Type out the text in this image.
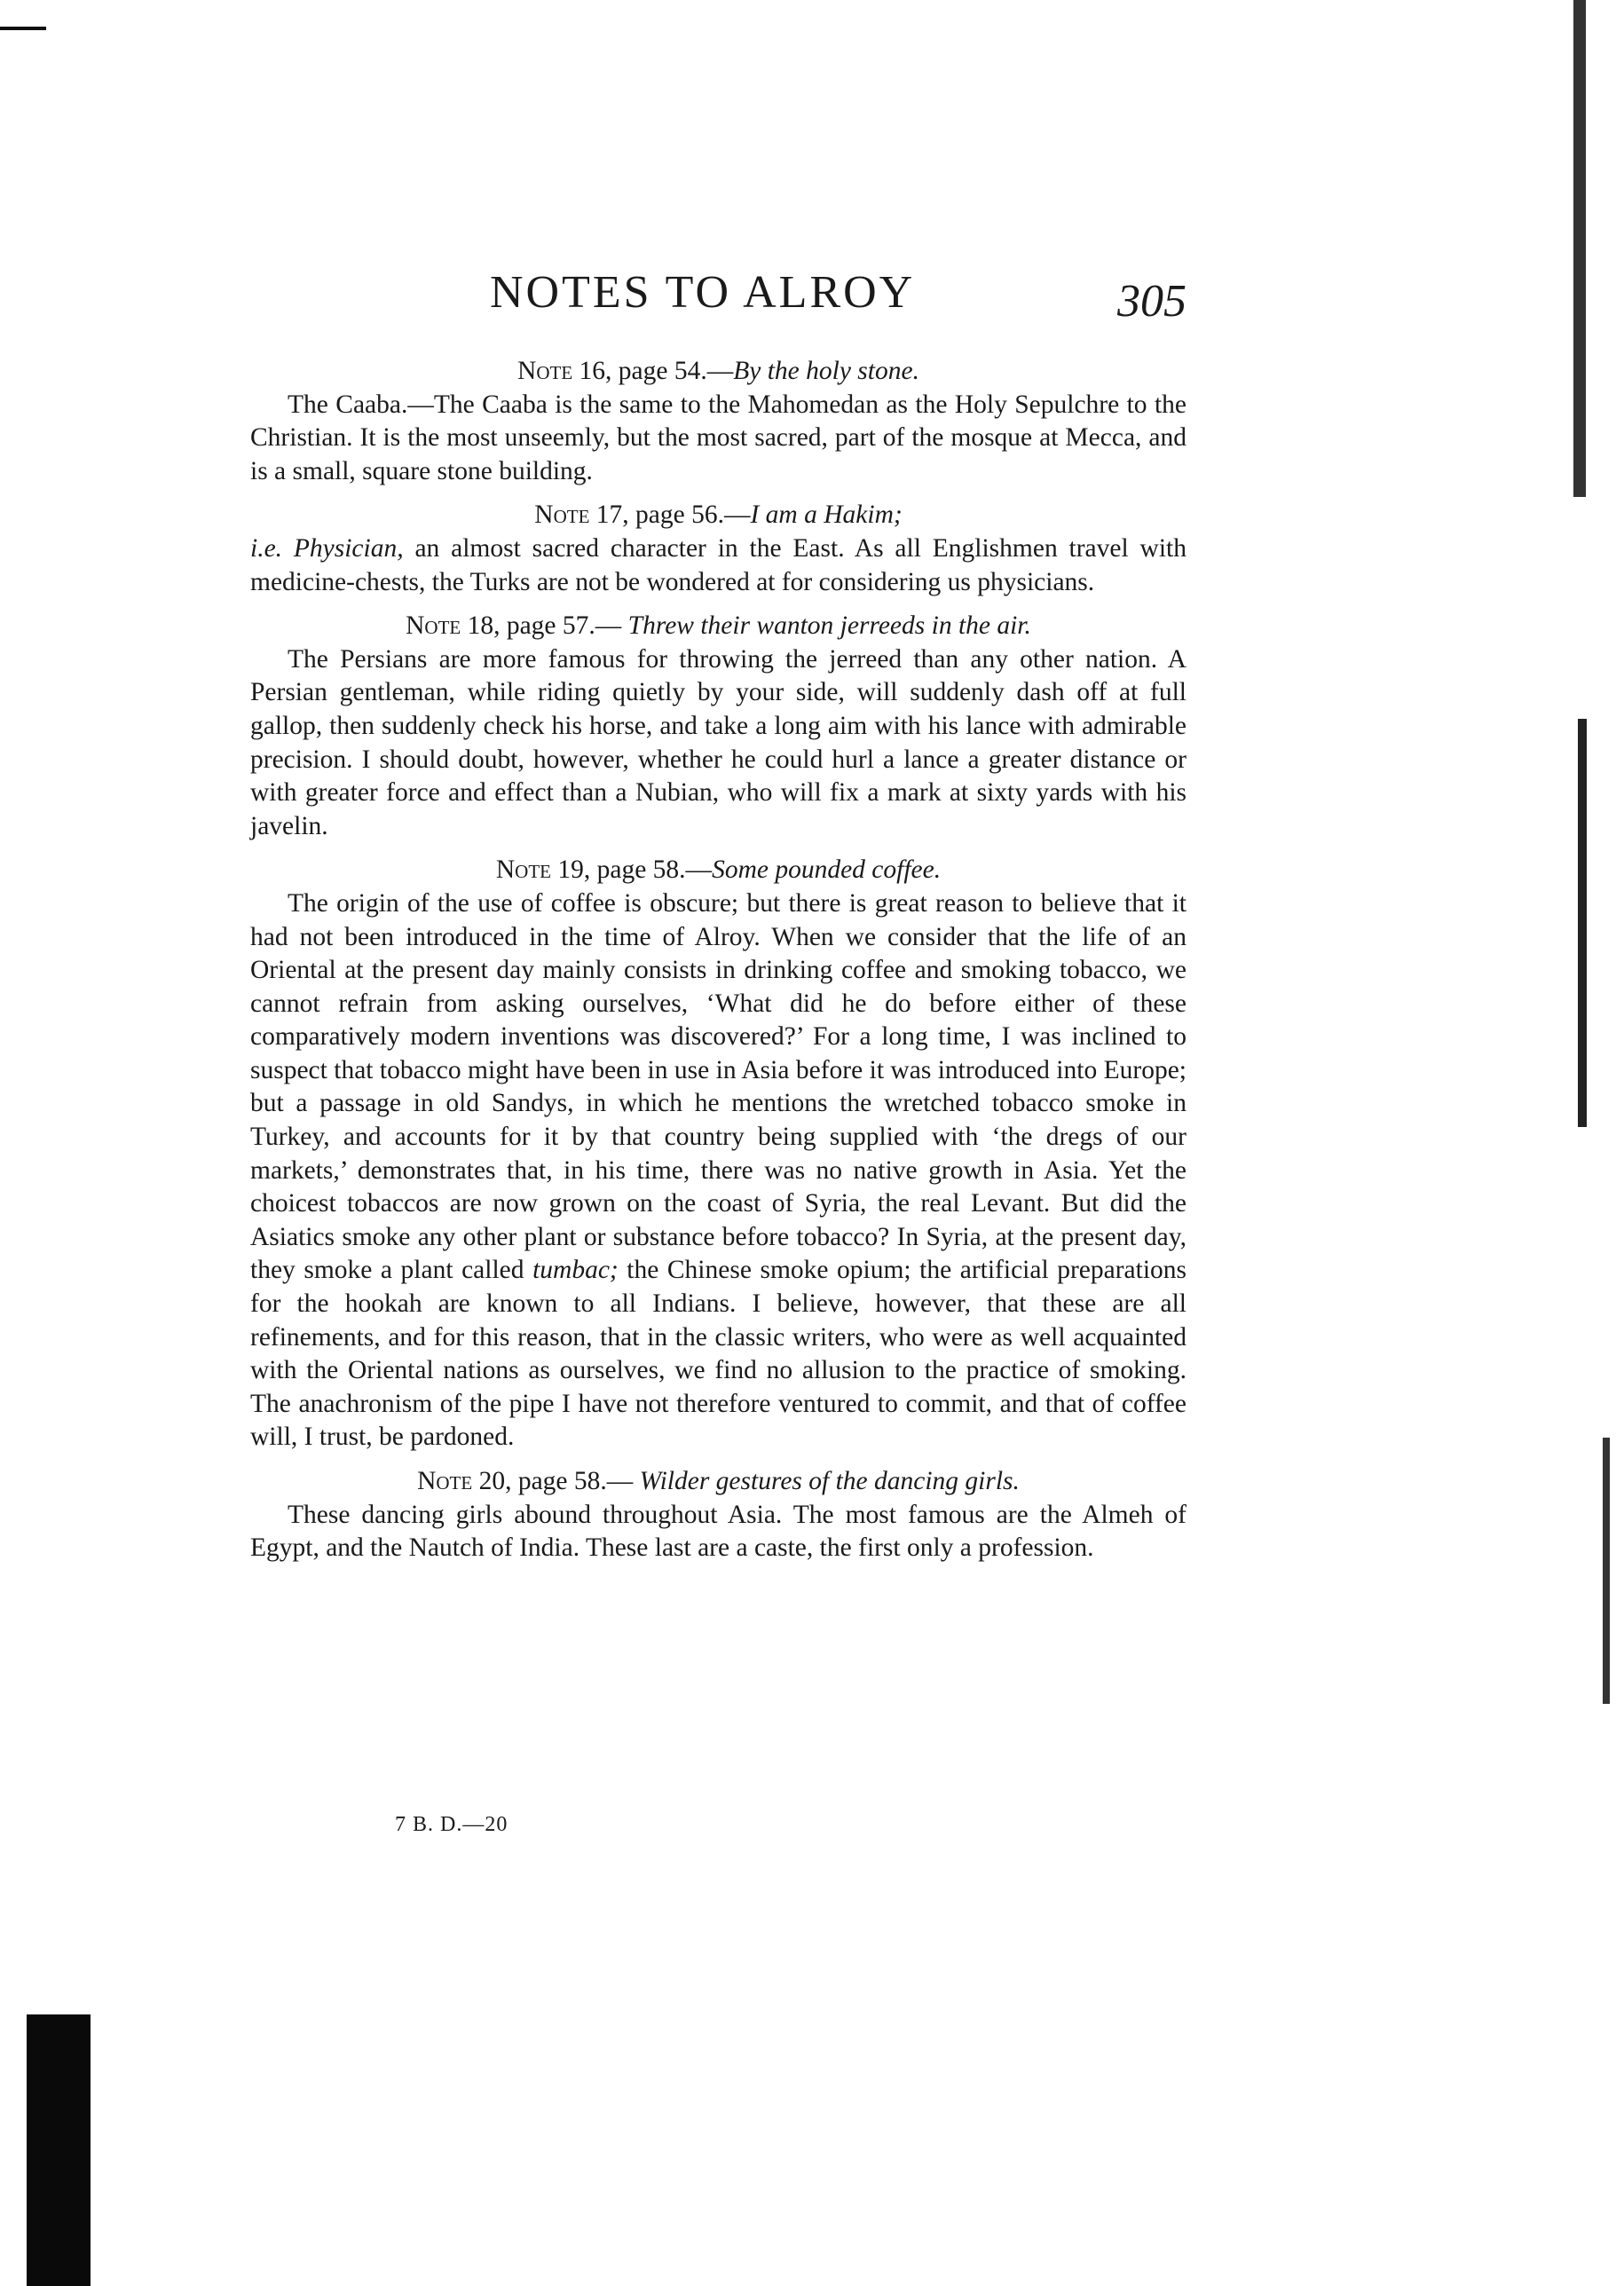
NOTES TO ALROY	305

Note 16, page 54.—By the holy stone.

The Caaba.—The Caaba is the same to the Mahomedan as the Holy Sepulchre to the Christian. It is the most unseemly, but the most sacred, part of the mosque at Mecca, and is a small, square stone building.

Note 17, page 56.—I am a Hakim;

i.e. Physician, an almost sacred character in the East. As all Englishmen travel with medicine-chests, the Turks are not be wondered at for considering us physicians.

Note 18, page 57.— Threw their wanton jerreeds in the air.

The Persians are more famous for throwing the jerreed than any other nation. A Persian gentleman, while riding quietly by your side, will suddenly dash off at full gallop, then suddenly check his horse, and take a long aim with his lance with admirable precision. I should doubt, however, whether he could hurl a lance a greater distance or with greater force and effect than a Nubian, who will fix a mark at sixty yards with his javelin.

Note 19, page 58.—Some pounded coffee.

The origin of the use of coffee is obscure; but there is great reason to believe that it had not been introduced in the time of Alroy. When we consider that the life of an Oriental at the present day mainly consists in drinking coffee and smoking tobacco, we cannot refrain from asking ourselves, ‘What did he do before either of these comparatively modern inventions was discovered?’ For a long time, I was inclined to suspect that tobacco might have been in use in Asia before it was introduced into Europe; but a passage in old Sandys, in which he mentions the wretched tobacco smoke in Turkey, and accounts for it by that country being supplied with ‘the dregs of our markets,’ demonstrates that, in his time, there was no native growth in Asia. Yet the choicest tobaccos are now grown on the coast of Syria, the real Levant. But did the Asiatics smoke any other plant or substance before tobacco? In Syria, at the present day, they smoke a plant called tumbac; the Chinese smoke opium; the artificial preparations for the hookah are known to all Indians. I believe, however, that these are all refinements, and for this reason, that in the classic writers, who were as well acquainted with the Oriental nations as ourselves, we find no allusion to the practice of smoking. The anachronism of the pipe I have not therefore ventured to commit, and that of coffee will, I trust, be pardoned.

Note 20, page 58.— Wilder gestures of the dancing girls.

These dancing girls abound throughout Asia. The most famous are the Almeh of Egypt, and the Nautch of India. These last are a caste, the first only a profession.

7 B. D.—20
